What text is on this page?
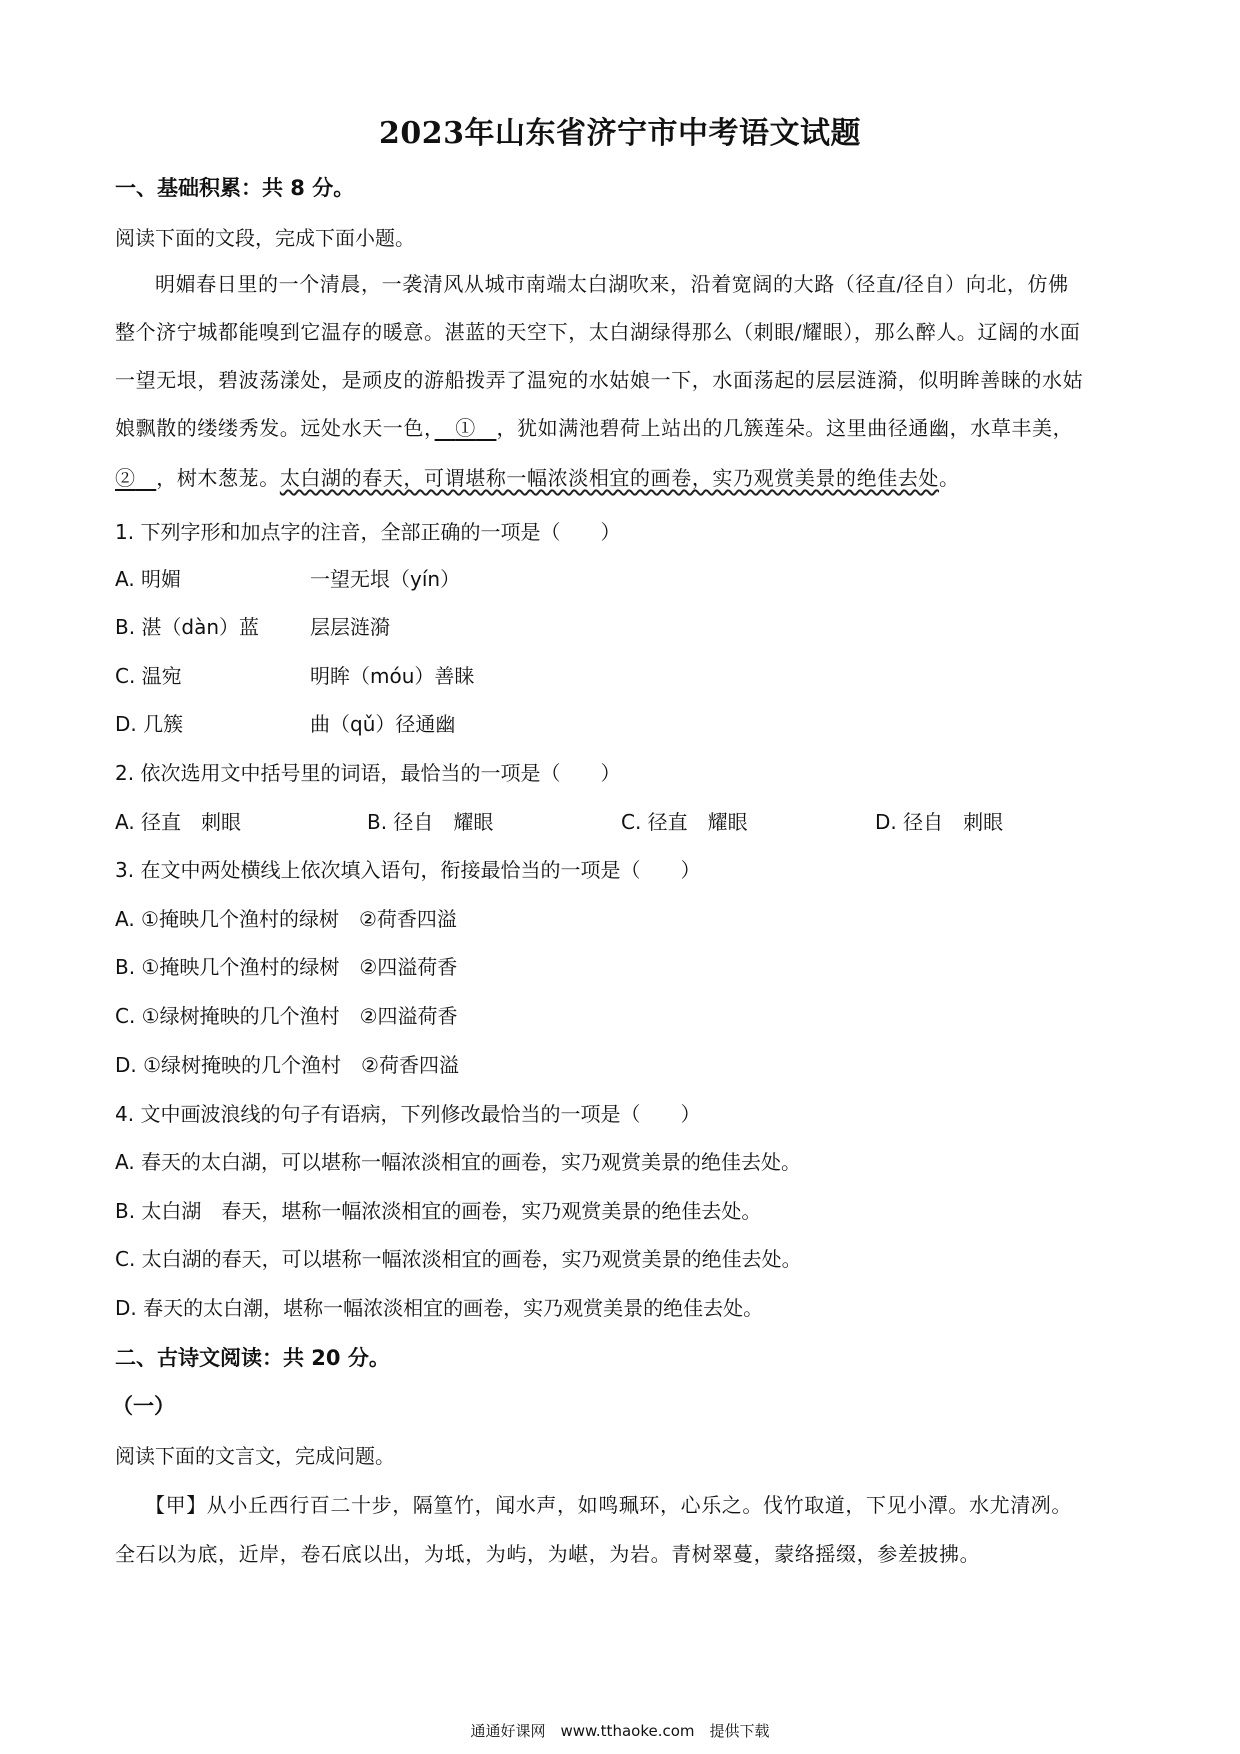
2023年山东省济宁市中考语文试题
一、基础积累：共 8 分。
阅读下面的文段，完成下面小题。
明媚春日里的一个清晨，一袭清风从城市南端太白湖吹来，沿着宽阔的大路（径直/径自）向北，仿佛
整个济宁城都能嗅到它温存的暖意。湛蓝的天空下，太白湖绿得那么（刺眼/耀眼），那么醉人。辽阔的水面
一望无垠，碧波荡漾处，是顽皮的游船拨弄了温宛的水姑娘一下，水面荡起的层层涟漪，似明眸善睐的水姑
娘飘散的缕缕秀发。远处水天一色，　 ①　 ，犹如满池碧荷上站出的几簇莲朵。这里曲径通幽，水草丰美，
②　 ，树木葱茏。太白湖的春天，可谓堪称一幅浓淡相宜的画卷，实乃观赏美景的绝佳去处。
1. 下列字形和加点字的注音，全部正确的一项是（　　）
A. 明媚	一望无垠（yín）
B. 湛（dàn）蓝	层层涟漪
C. 温宛	明眸（móu）善睐
D. 几簇	曲（qǔ）径通幽
2. 依次选用文中括号里的词语，最恰当的一项是（　　）
A. 径直　刺眼	B. 径自　耀眼	C. 径直　耀眼	D. 径自　刺眼
3. 在文中两处横线上依次填入语句，衔接最恰当的一项是（　　）
A. ①掩映几个渔村的绿树　②荷香四溢
B. ①掩映几个渔村的绿树　②四溢荷香
C. ①绿树掩映的几个渔村　②四溢荷香
D. ①绿树掩映的几个渔村　②荷香四溢
4. 文中画波浪线的句子有语病，下列修改最恰当的一项是（　　）
A. 春天的太白湖，可以堪称一幅浓淡相宜的画卷，实乃观赏美景的绝佳去处。
B. 太白湖　春天，堪称一幅浓淡相宜的画卷，实乃观赏美景的绝佳去处。
C. 太白湖的春天，可以堪称一幅浓淡相宜的画卷，实乃观赏美景的绝佳去处。
D. 春天的太白潮，堪称一幅浓淡相宜的画卷，实乃观赏美景的绝佳去处。
二、古诗文阅读：共 20 分。
（一）
阅读下面的文言文，完成问题。
【甲】从小丘西行百二十步，隔篁竹，闻水声，如鸣珮环，心乐之。伐竹取道，下见小潭。水尤清冽。
全石以为底，近岸，卷石底以出，为坻，为屿，为嵁，为岩。青树翠蔓，蒙络摇缀，参差披拂。
通通好课网　www.tthaoke.com　提供下载
